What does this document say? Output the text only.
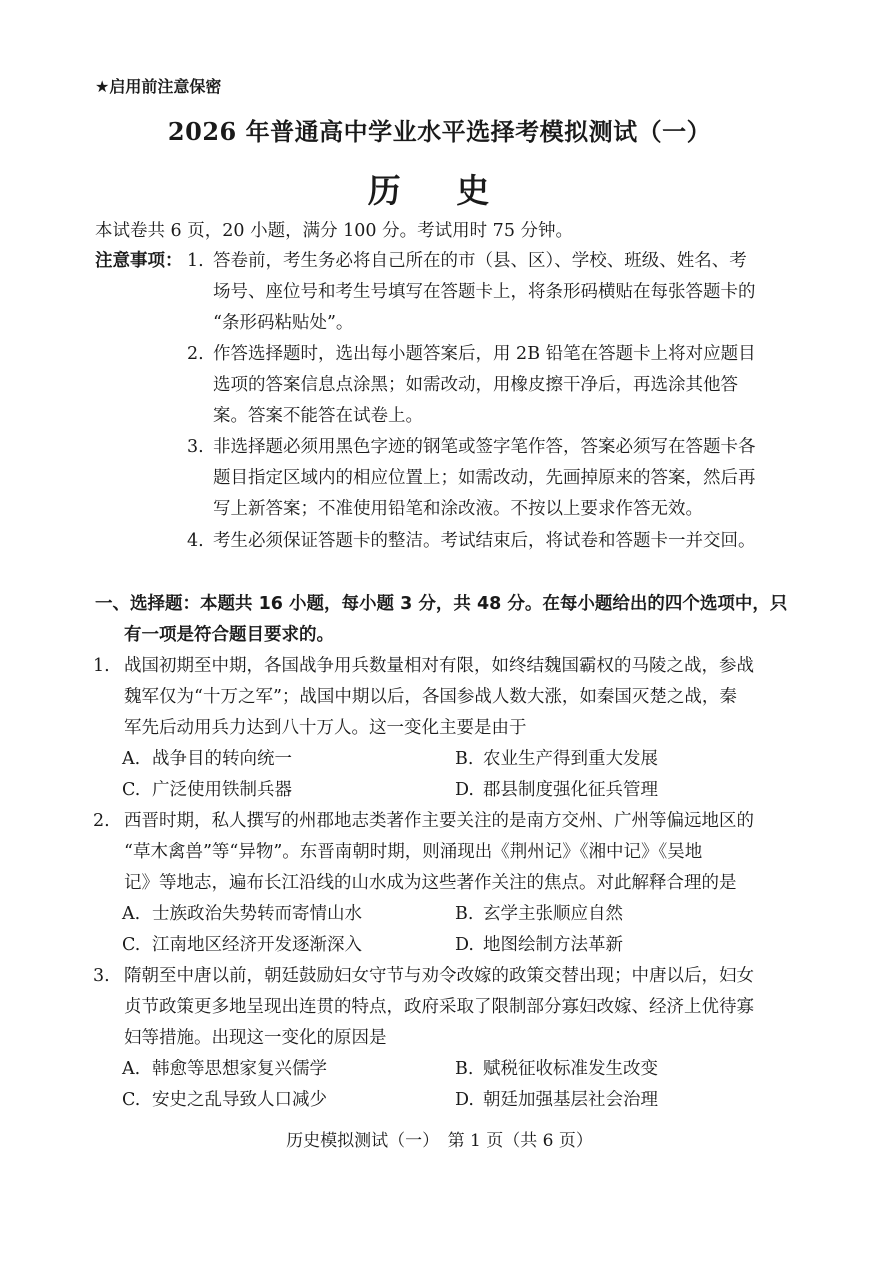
★启用前注意保密
2026 年普通高中学业水平选择考模拟测试（一）
历 史
本试卷共 6 页，20 小题，满分 100 分。考试用时 75 分钟。
注意事项： 1. 答卷前，考生务必将自己所在的市（县、区）、学校、班级、姓名、考
场号、座位号和考生号填写在答题卡上，将条形码横贴在每张答题卡的
“条形码粘贴处”。
2. 作答选择题时，选出每小题答案后，用 2B 铅笔在答题卡上将对应题目
选项的答案信息点涂黑；如需改动，用橡皮擦干净后，再选涂其他答
案。答案不能答在试卷上。
3. 非选择题必须用黑色字迹的钢笔或签字笔作答，答案必须写在答题卡各
题目指定区域内的相应位置上；如需改动，先画掉原来的答案，然后再
写上新答案；不准使用铅笔和涂改液。不按以上要求作答无效。
4. 考生必须保证答题卡的整洁。考试结束后，将试卷和答题卡一并交回。
一、选择题：本题共 16 小题，每小题 3 分，共 48 分。在每小题给出的四个选项中，只
有一项是符合题目要求的。
1. 战国初期至中期，各国战争用兵数量相对有限，如终结魏国霸权的马陵之战，参战
魏军仅为“十万之军”；战国中期以后，各国参战人数大涨，如秦国灭楚之战，秦
军先后动用兵力达到八十万人。这一变化主要是由于
A. 战争目的转向统一	B. 农业生产得到重大发展
C. 广泛使用铁制兵器	D. 郡县制度强化征兵管理
2. 西晋时期，私人撰写的州郡地志类著作主要关注的是南方交州、广州等偏远地区的
“草木禽兽”等“异物”。东晋南朝时期，则涌现出《荆州记》《湘中记》《吴地
记》等地志，遍布长江沿线的山水成为这些著作关注的焦点。对此解释合理的是
A. 士族政治失势转而寄情山水	B. 玄学主张顺应自然
C. 江南地区经济开发逐渐深入	D. 地图绘制方法革新
3. 隋朝至中唐以前，朝廷鼓励妇女守节与劝令改嫁的政策交替出现；中唐以后，妇女
贞节政策更多地呈现出连贯的特点，政府采取了限制部分寡妇改嫁、经济上优待寡
妇等措施。出现这一变化的原因是
A. 韩愈等思想家复兴儒学	B. 赋税征收标准发生改变
C. 安史之乱导致人口减少	D. 朝廷加强基层社会治理
历史模拟测试（一）　第 1 页（共 6 页）
